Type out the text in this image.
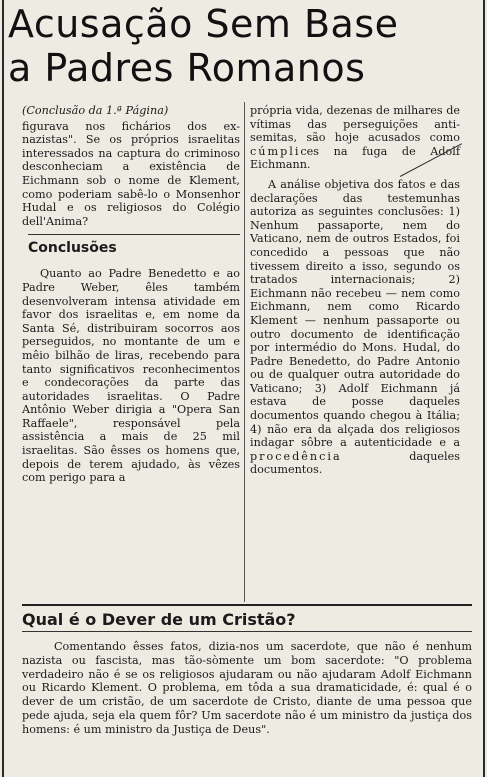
Acusação Sem Base
a Padres Romanos

(Conclusão da 1.ª Página)

figurava nos fichários dos ex-nazistas". Se os próprios israelitas interessados na captura do criminoso desconheciam a existência de Eichmann sob o nome de Klement, como poderiam sabê-lo o Monsenhor Hudal e os religiosos do Colégio dell'Anima?

Conclusões

Quanto ao Padre Benedetto e ao Padre Weber, êles também desenvolveram intensa atividade em favor dos israelitas e, em nome da Santa Sé, distribuiram socorros aos perseguidos, no montante de um e mêio bilhão de liras, recebendo para tanto significativos reconhecimentos e condecorações da parte das autoridades israelitas. O Padre Antônio Weber dirigia a "Opera San Raffaele", responsável pela assistência a mais de 25 mil israelitas. São êsses os homens que, depois de terem ajudado, às vêzes com perigo para a

própria vida, dezenas de milhares de vítimas das perseguições anti-semitas, são hoje acusados como cúmplices na fuga de Adolf Eichmann.

A análise objetiva dos fatos e das declarações das testemunhas autoriza as seguintes conclusões: 1) Nenhum passaporte, nem do Vaticano, nem de outros Estados, foi concedido a pessoas que não tivessem direito a isso, segundo os tratados internacionais; 2) Eichmann não recebeu — nem como Eichmann, nem como Ricardo Klement — nenhum passaporte ou outro documento de identificação por intermédio do Mons. Hudal, do Padre Benedetto, do Padre Antonio ou de qualquer outra autoridade do Vaticano; 3) Adolf Eichmann já estava de posse daqueles documentos quando chegou à Itália; 4) não era da alçada dos religiosos indagar sôbre a autenticidade e a procedência daqueles documentos.

Qual é o Dever de um Cristão?

Comentando êsses fatos, dizia-nos um sacerdote, que não é nenhum nazista ou fascista, mas tão-sòmente um bom sacerdote: "O problema verdadeiro não é se os religiosos ajudaram ou não ajudaram Adolf Eichmann ou Ricardo Klement. O problema, em tôda a sua dramaticidade, é: qual é o dever de um cristão, de um sacerdote de Cristo, diante de uma pessoa que pede ajuda, seja ela quem fôr? Um sacerdote não é um ministro da justiça dos homens: é um ministro da Justiça de Deus".
